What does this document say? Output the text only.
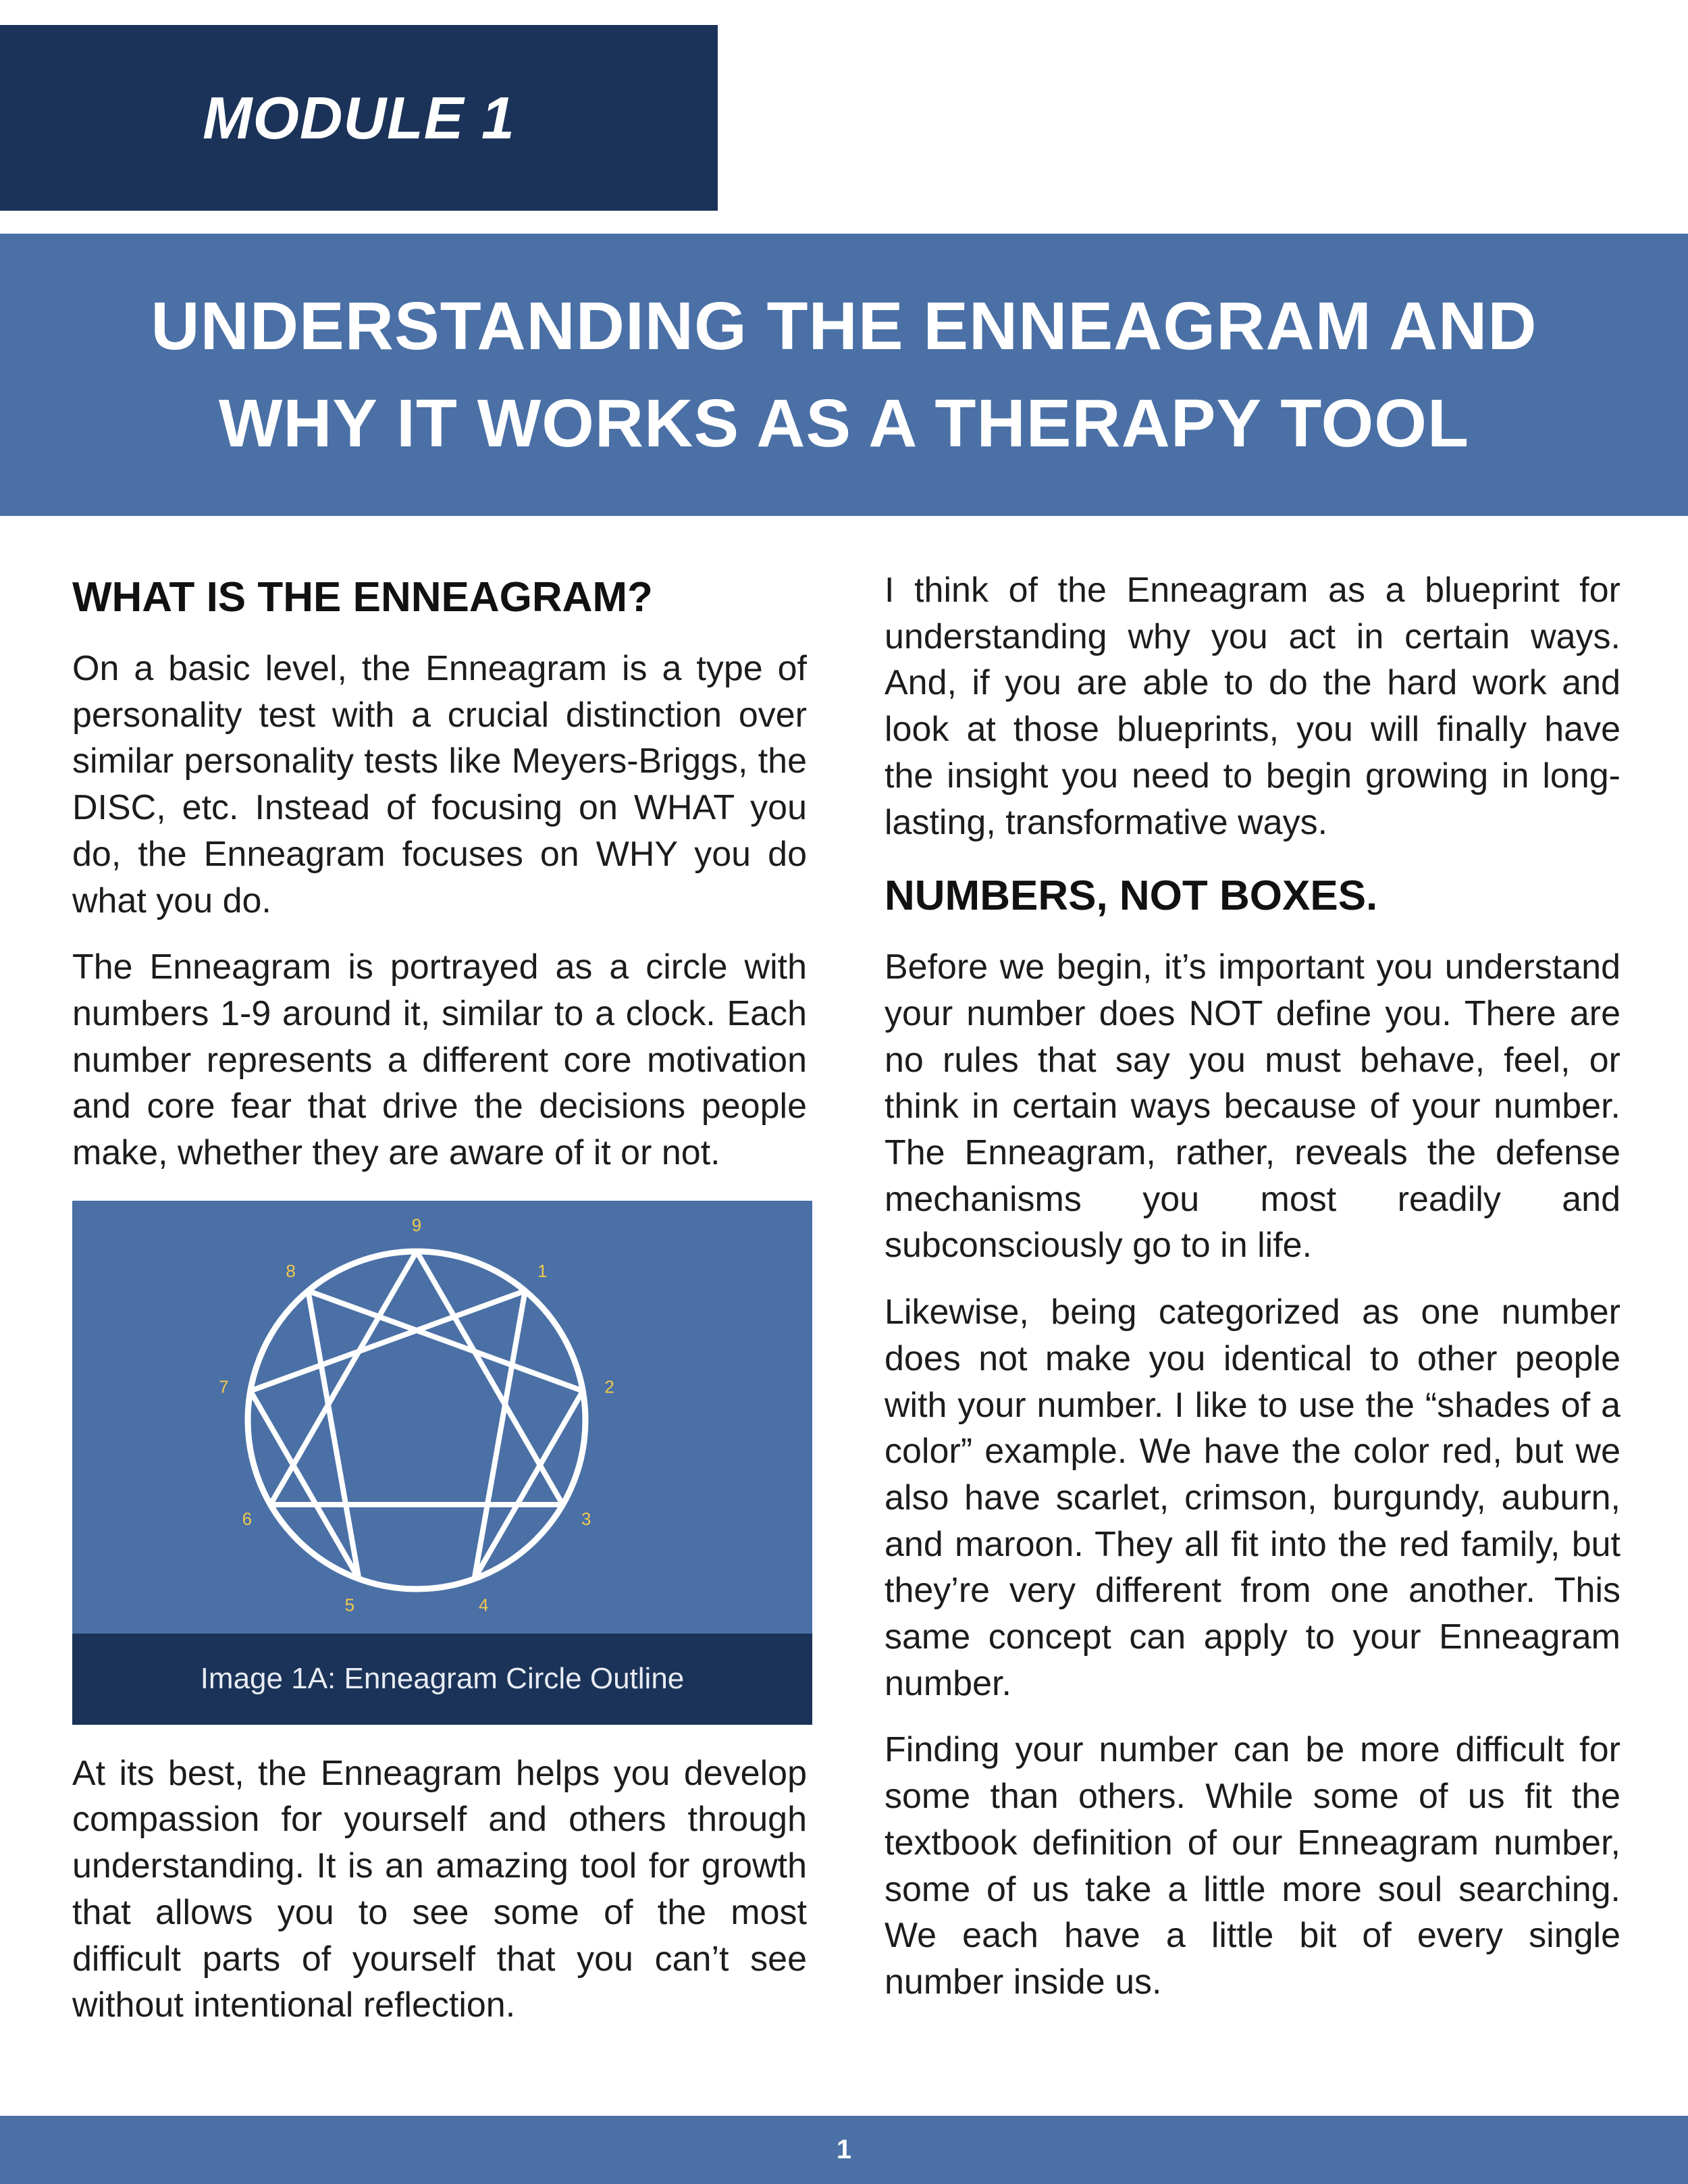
MODULE 1
UNDERSTANDING THE ENNEAGRAM AND
WHY IT WORKS AS A THERAPY TOOL
WHAT IS THE ENNEAGRAM?

On a basic level, the Enneagram is a type of personality test with a crucial distinction over similar personality tests like Meyers-Briggs, the DISC, etc. Instead of focusing on WHAT you do, the Enneagram focuses on WHY you do what you do.

The Enneagram is portrayed as a circle with numbers 1-9 around it, similar to a clock. Each number represents a different core motivation and core fear that drive the decisions people make, whether they are aware of it or not.

9
1
2
3
4
5
6
7
8
Image 1A: Enneagram Circle Outline

At its best, the Enneagram helps you develop compassion for yourself and others through understanding. It is an amazing tool for growth that allows you to see some of the most difficult parts of yourself that you can’t see without intentional reflection.

I think of the Enneagram as a blueprint for understanding why you act in certain ways. And, if you are able to do the hard work and look at those blueprints, you will finally have the insight you need to begin growing in long-lasting, transformative ways.

NUMBERS, NOT BOXES.

Before we begin, it’s important you understand your number does NOT define you. There are no rules that say you must behave, feel, or think in certain ways because of your number. The Enneagram, rather, reveals the defense mechanisms you most readily and subconsciously go to in life.

Likewise, being categorized as one number does not make you identical to other people with your number. I like to use the “shades of a color” example. We have the color red, but we also have scarlet, crimson, burgundy, auburn, and maroon. They all fit into the red family, but they’re very different from one another. This same concept can apply to your Enneagram number.

Finding your number can be more difficult for some than others. While some of us fit the textbook definition of our Enneagram number, some of us take a little more soul searching. We each have a little bit of every single number inside us.

1
